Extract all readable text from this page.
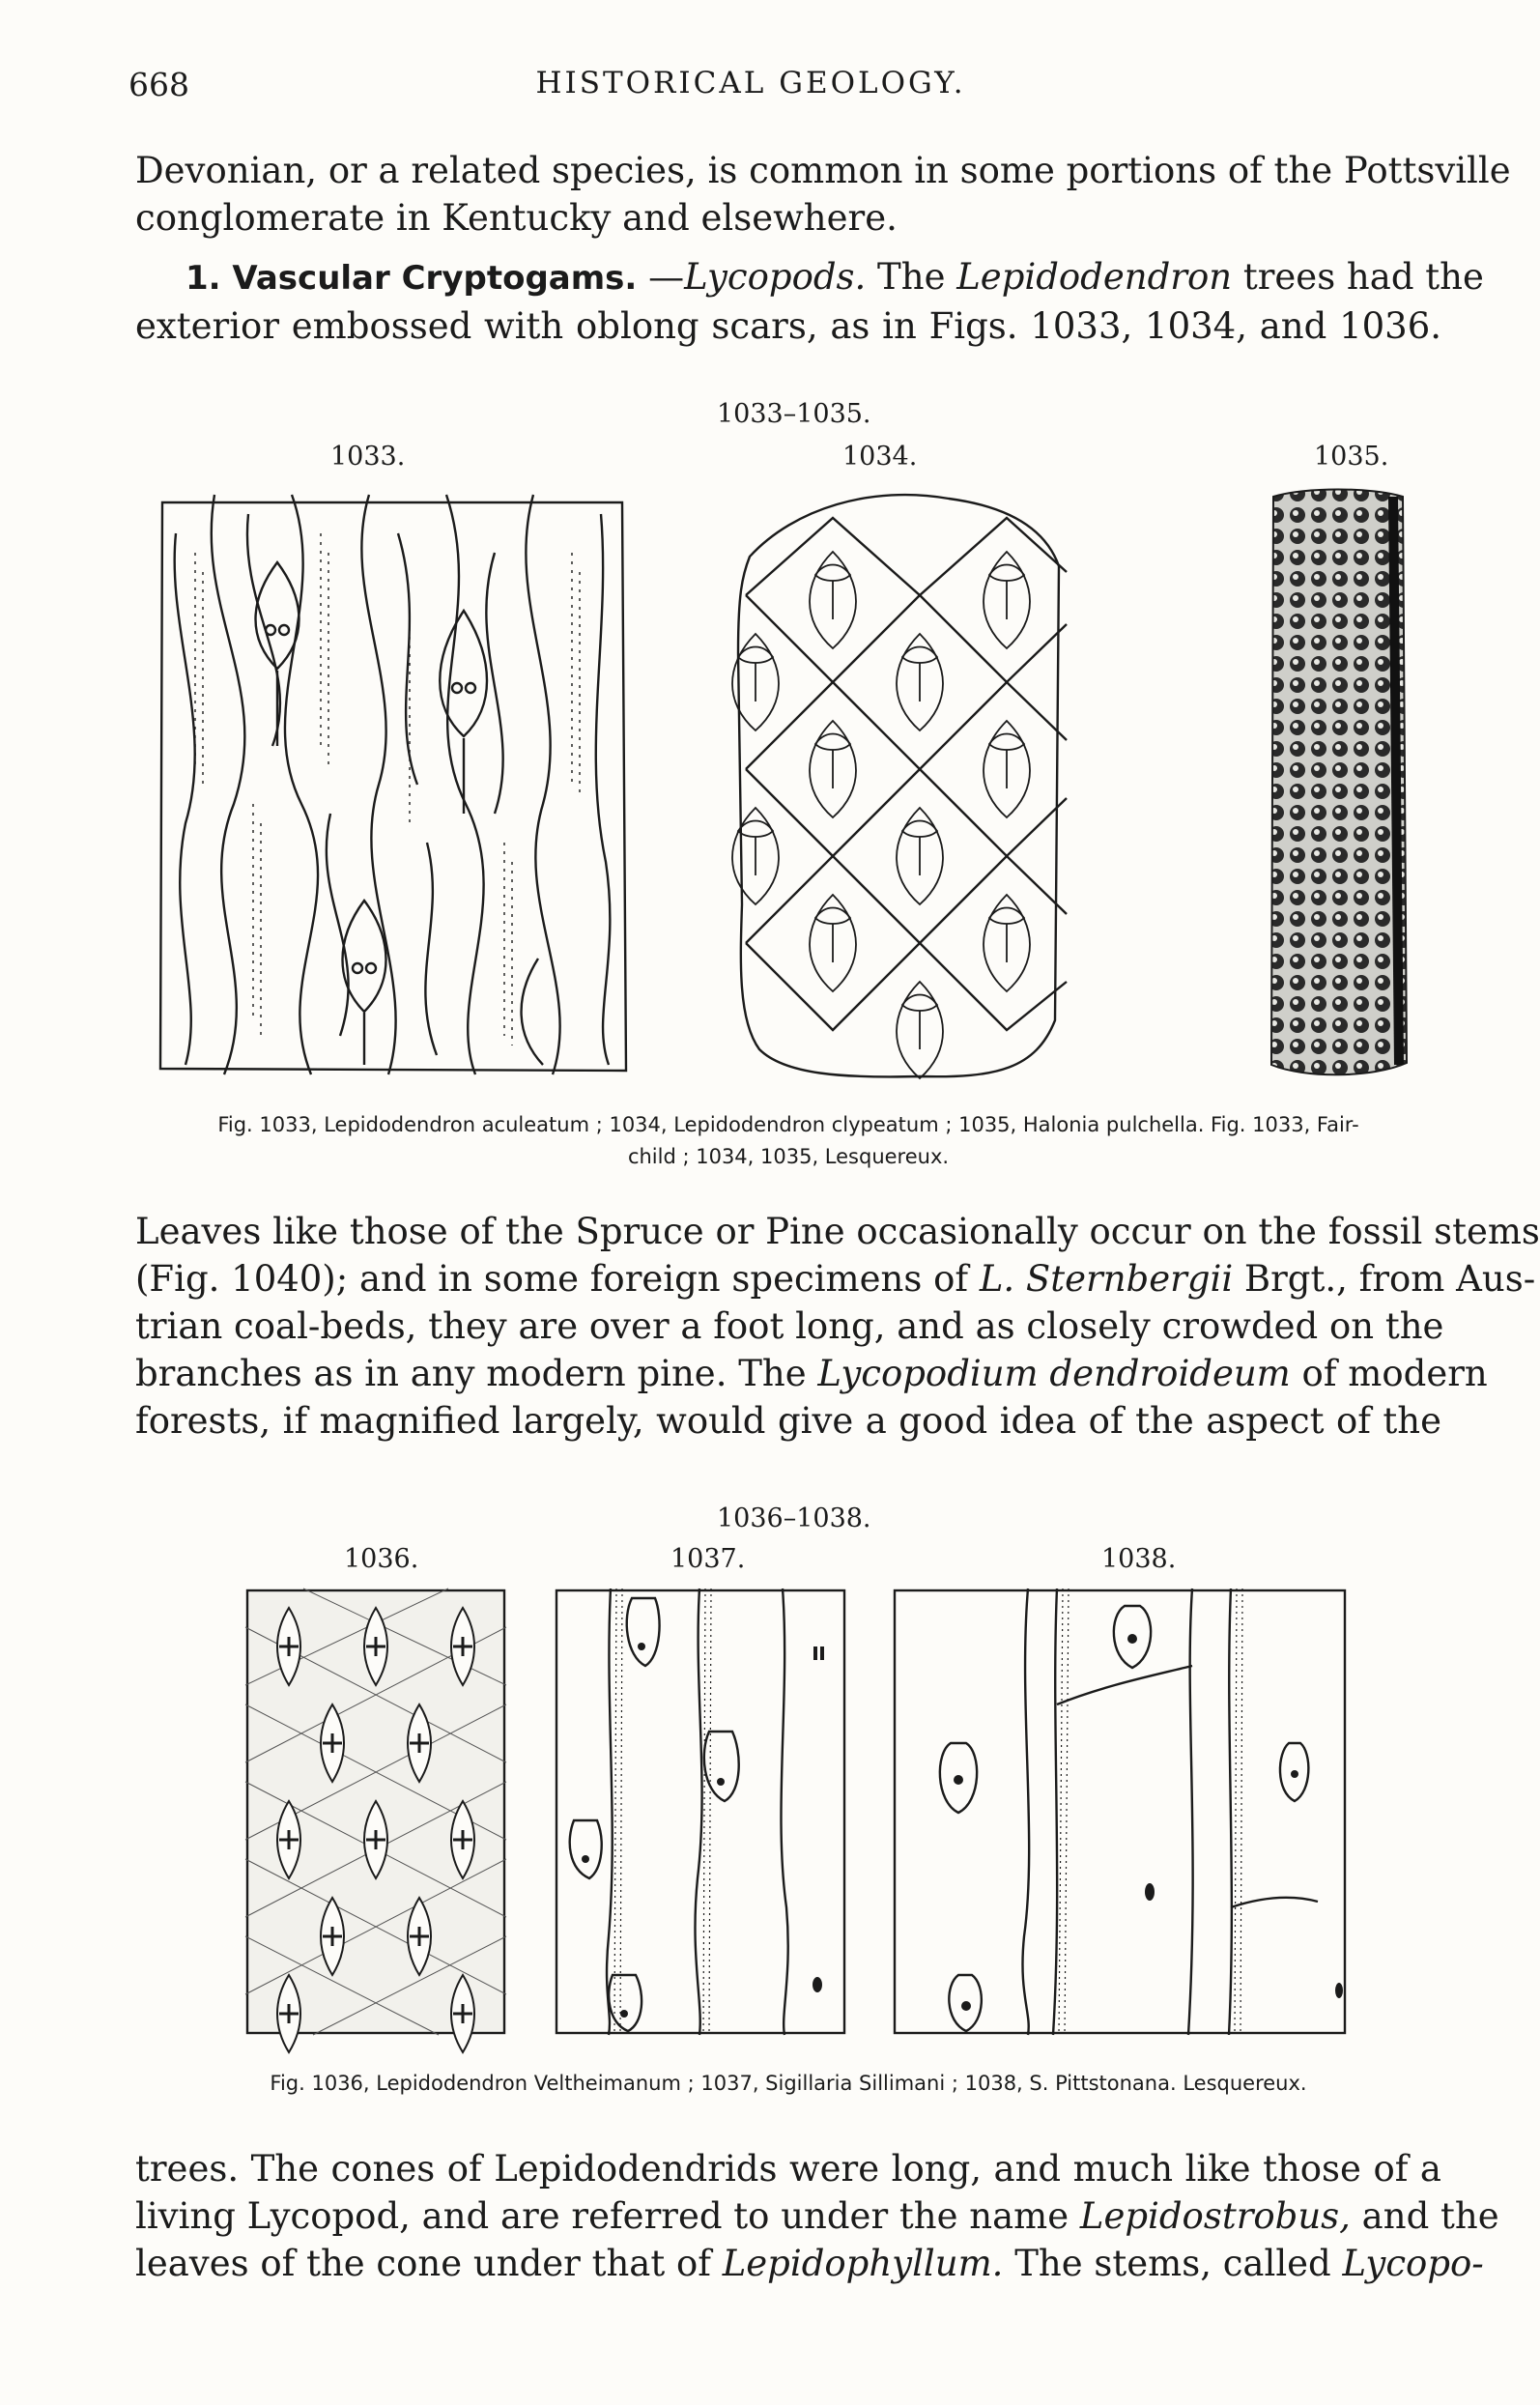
668	HISTORICAL GEOLOGY.
Devonian, or a related species, is common in some portions of the Pottsville
conglomerate in Kentucky and elsewhere.
1. Vascular Cryptogams. —Lycopods. The Lepidodendron trees had the
exterior embossed with oblong scars, as in Figs. 1033, 1034, and 1036.
1033–1035.
1033.	1034.	1035.
Fig. 1033, Lepidodendron aculeatum ; 1034, Lepidodendron clypeatum ; 1035, Halonia pulchella. Fig. 1033, Fair-
child ; 1034, 1035, Lesquereux.
Leaves like those of the Spruce or Pine occasionally occur on the fossil stems
(Fig. 1040); and in some foreign specimens of L. Sternbergii Brgt., from Aus-
trian coal-beds, they are over a foot long, and as closely crowded on the
branches as in any modern pine. The Lycopodium dendroideum of modern
forests, if magnified largely, would give a good idea of the aspect of the
1036–1038.
1036.	1037.	1038.
Fig. 1036, Lepidodendron Veltheimanum ; 1037, Sigillaria Sillimani ; 1038, S. Pittstonana. Lesquereux.
trees. The cones of Lepidodendrids were long, and much like those of a
living Lycopod, and are referred to under the name Lepidostrobus, and the
leaves of the cone under that of Lepidophyllum. The stems, called Lycopo-
